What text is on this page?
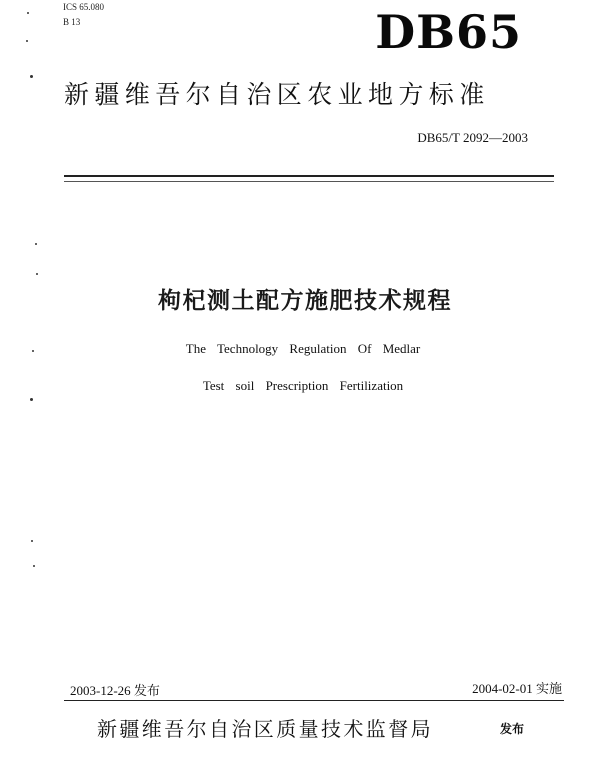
ICS 65.080
B 13	DB65
新疆维吾尔自治区农业地方标准
DB65/T 2092—2003
枸杞测土配方施肥技术规程
The Technology Regulation Of Medlar
Test soil Prescription Fertilization
2003-12-26 发布	2004-02-01 实施
新疆维吾尔自治区质量技术监督局	发布
